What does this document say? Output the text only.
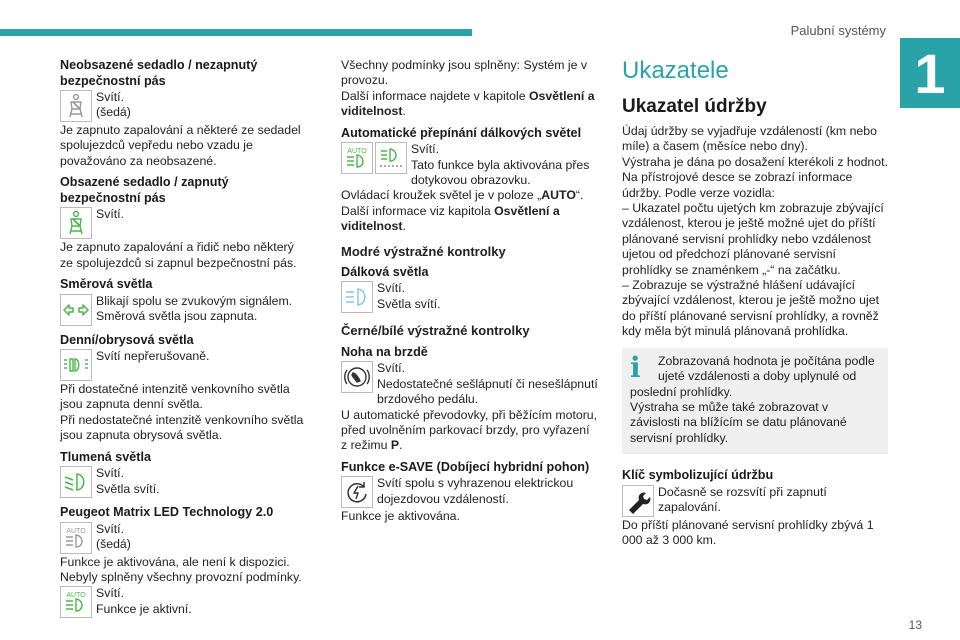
Palubní systémy
1
Neobsazené sedadlo / nezapnutý bezpečnostní pás

Svítí.

(šedá)

Je zapnuto zapalování a některé ze sedadel spolujezdců vepředu nebo vzadu je považováno za neobsazené.

Obsazené sedadlo / zapnutý bezpečnostní pás

Svítí.

Je zapnuto zapalování a řidič nebo některý ze spolujezdců si zapnul bezpečnostní pás.

Směrová světla

Blikají spolu se zvukovým signálem.

Směrová světla jsou zapnuta.

Denní/obrysová světla

Svítí nepřerušovaně.

Při dostatečné intenzitě venkovního světla jsou zapnuta denní světla.

Při nedostatečné intenzitě venkovního světla jsou zapnuta obrysová světla.

Tlumená světla

Svítí.

Světla svítí.

Peugeot Matrix LED Technology 2.0
AUTO Svítí.

(šedá)

Funkce je aktivována, ale není k dispozici.

Nebyly splněny všechny provozní podmínky.

AUTO Svítí.

Funkce je aktivní.

Všechny podmínky jsou splněny: Systém je v provozu.

Další informace najdete v kapitole Osvětlení a viditelnost.

Automatické přepínání dálkových světel
AUTO	Svítí.

Tato funkce byla aktivována přes dotykovou obrazovku.

Ovládací kroužek světel je v poloze „AUTO“.

Další informace viz kapitola Osvětlení a viditelnost.

Modré výstražné kontrolky
Dálková světla

Svítí.

Světla svítí.

Černé/bílé výstražné kontrolky
Noha na brzdě

Svítí.

Nedostatečné sešlápnutí či nesešlápnutí brzdového pedálu.

U automatické převodovky, při běžícím motoru, před uvolněním parkovací brzdy, pro vyřazení z režimu P.

Funkce e-SAVE (Dobíjecí hybridní pohon)

Svítí spolu s vyhrazenou elektrickou dojezdovou vzdáleností.

Funkce je aktivována.

Ukazatele
Ukazatel údržby

Údaj údržby se vyjadřuje vzdáleností (km nebo míle) a časem (měsíce nebo dny).

Výstraha je dána po dosažení kterékoli z hodnot.

Na přístrojové desce se zobrazí informace údržby. Podle verze vozidla:

– Ukazatel počtu ujetých km zobrazuje zbývající vzdálenost, kterou je ještě možné ujet do příští plánované servisní prohlídky nebo vzdálenost ujetou od předchozí plánované servisní prohlídky se znaménkem „-“ na začátku.

– Zobrazuje se výstražné hlášení udávající zbývající vzdálenost, kterou je ještě možno ujet do příští plánované servisní prohlídky, a rovněž kdy měla být minulá plánovaná prohlídka.

i	Zobrazovaná hodnota je počítána podle ujeté vzdálenosti a doby uplynulé od poslední prohlídky.

Výstraha se může také zobrazovat v závislosti na blížícím se datu plánované servisní prohlídky.

Klíč symbolizující údržbu

Dočasně se rozsvítí při zapnutí zapalování.

Do příští plánované servisní prohlídky zbývá 1 000 až 3 000 km.

13
